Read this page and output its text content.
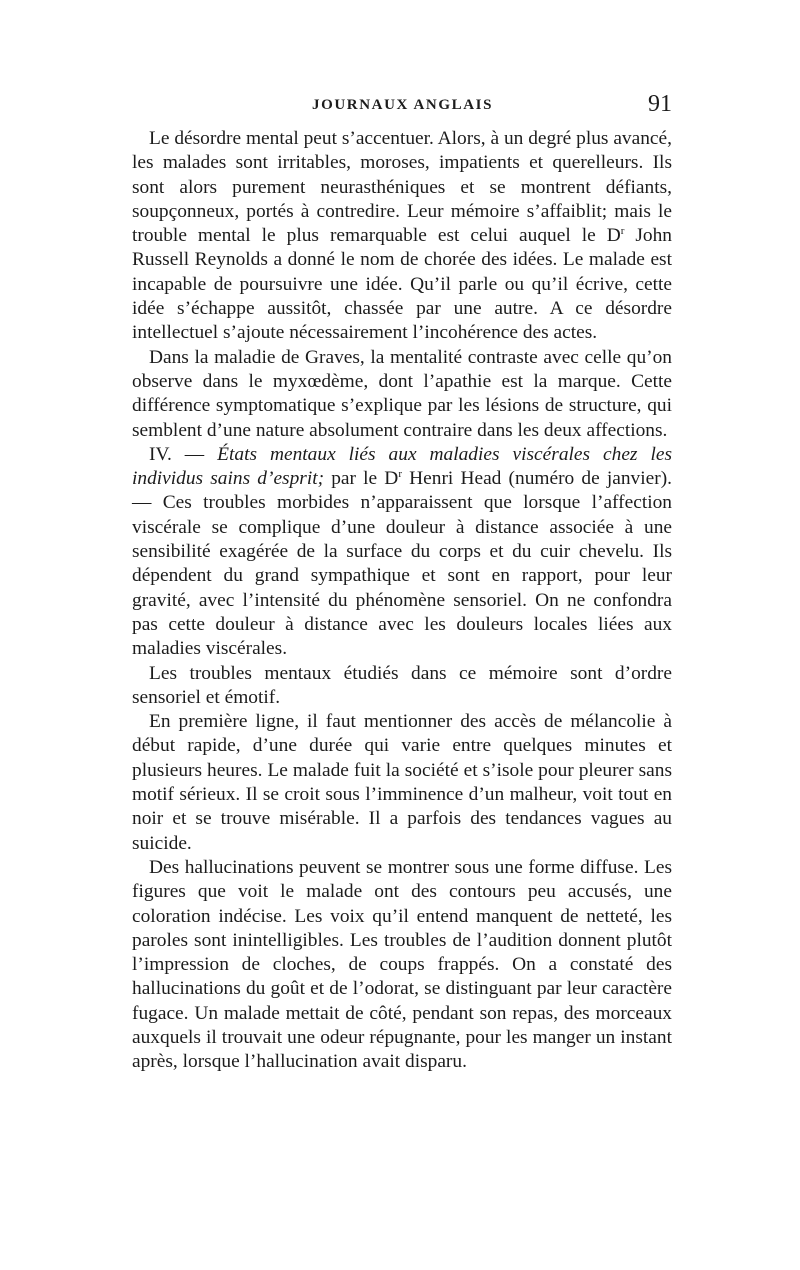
JOURNAUX ANGLAIS	91

Le désordre mental peut s’accentuer. Alors, à un degré plus avancé, les malades sont irritables, moroses, impatients et querelleurs. Ils sont alors purement neurasthéniques et se montrent défiants, soupçonneux, portés à contredire. Leur mémoire s’affaiblit; mais le trouble mental le plus remarquable est celui auquel le $D^r$ John Russell Reynolds a donné le nom de chorée des idées. Le malade est incapable de poursuivre une idée. Qu’il parle ou qu’il écrive, cette idée s’échappe aussitôt, chassée par une autre. A ce désordre intellectuel s’ajoute nécessairement l’incohérence des actes.

Dans la maladie de Graves, la mentalité contraste avec celle qu’on observe dans le myxœdème, dont l’apathie est la marque. Cette différence symptomatique s’explique par les lésions de structure, qui semblent d’une nature absolument contraire dans les deux affections.

IV. — États mentaux liés aux maladies viscérales chez les individus sains d’esprit; par le $D^r$ Henri Head (numéro de janvier). — Ces troubles morbides n’apparaissent que lorsque l’affection viscérale se complique d’une douleur à distance associée à une sensibilité exagérée de la surface du corps et du cuir chevelu. Ils dépendent du grand sympathique et sont en rapport, pour leur gravité, avec l’intensité du phénomène sensoriel. On ne confondra pas cette douleur à distance avec les douleurs locales liées aux maladies viscérales.

Les troubles mentaux étudiés dans ce mémoire sont d’ordre sensoriel et émotif.

En première ligne, il faut mentionner des accès de mélancolie à début rapide, d’une durée qui varie entre quelques minutes et plusieurs heures. Le malade fuit la société et s’isole pour pleurer sans motif sérieux. Il se croit sous l’imminence d’un malheur, voit tout en noir et se trouve misérable. Il a parfois des tendances vagues au suicide.

Des hallucinations peuvent se montrer sous une forme diffuse. Les figures que voit le malade ont des contours peu accusés, une coloration indécise. Les voix qu’il entend manquent de netteté, les paroles sont inintelligibles. Les troubles de l’audition donnent plutôt l’impression de cloches, de coups frappés. On a constaté des hallucinations du goût et de l’odorat, se distinguant par leur caractère fugace. Un malade mettait de côté, pendant son repas, des morceaux auxquels il trouvait une odeur répugnante, pour les manger un instant après, lorsque l’hallucination avait disparu.
